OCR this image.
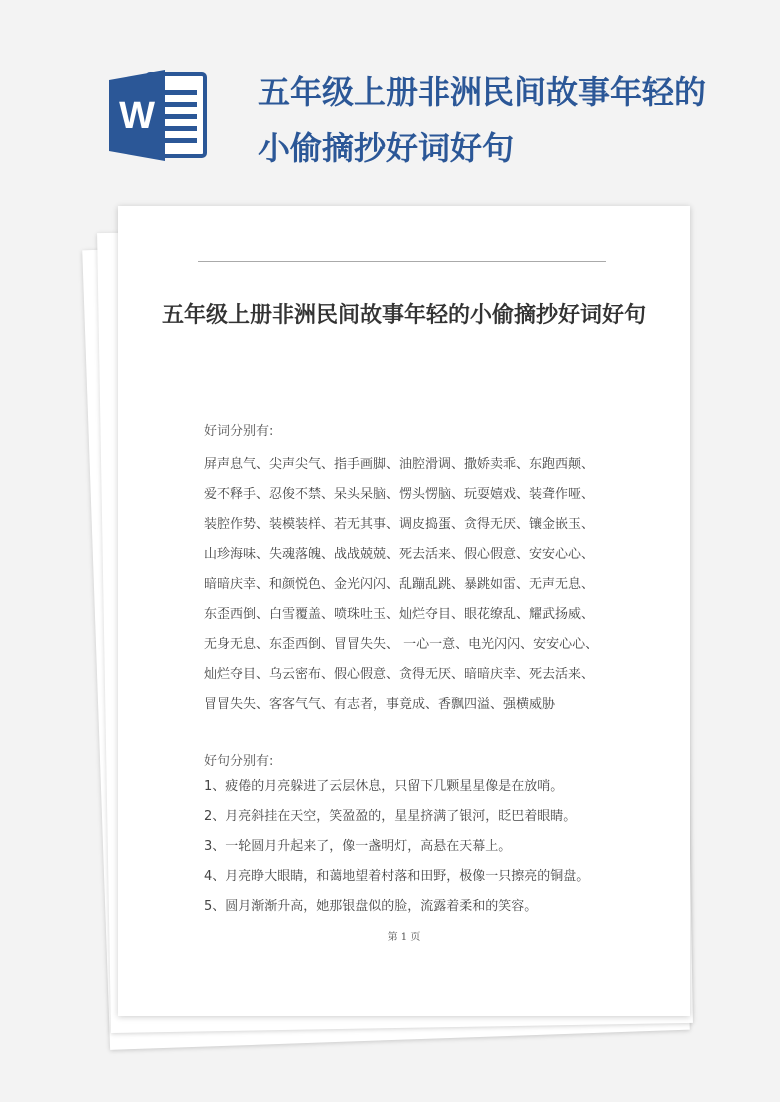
W
五年级上册非洲民间故事年轻的小偷摘抄好词好句
五年级上册非洲民间故事年轻的小偷摘抄好词好句
好词分别有:
屏声息气、尖声尖气、指手画脚、油腔滑调、撒娇卖乖、东跑西颠、
爱不释手、忍俊不禁、呆头呆脑、愣头愣脑、玩耍嬉戏、装聋作哑、
装腔作势、装模装样、若无其事、调皮捣蛋、贪得无厌、镶金嵌玉、
山珍海味、失魂落魄、战战兢兢、死去活来、假心假意、安安心心、
暗暗庆幸、和颜悦色、金光闪闪、乱蹦乱跳、暴跳如雷、无声无息、
东歪西倒、白雪覆盖、喷珠吐玉、灿烂夺目、眼花缭乱、耀武扬威、
无身无息、东歪西倒、冒冒失失、 一心一意、电光闪闪、安安心心、
灿烂夺目、乌云密布、假心假意、贪得无厌、暗暗庆幸、死去活来、
冒冒失失、客客气气、有志者，事竟成、香飘四溢、强横威胁
好句分别有:
1、疲倦的月亮躲进了云层休息，只留下几颗星星像是在放哨。
2、月亮斜挂在天空，笑盈盈的，星星挤满了银河，眨巴着眼睛。
3、一轮圆月升起来了，像一盏明灯，高悬在天幕上。
4、月亮睁大眼睛，和蔼地望着村落和田野，极像一只擦亮的铜盘。
5、圆月渐渐升高，她那银盘似的脸，流露着柔和的笑容。
第 1 页
